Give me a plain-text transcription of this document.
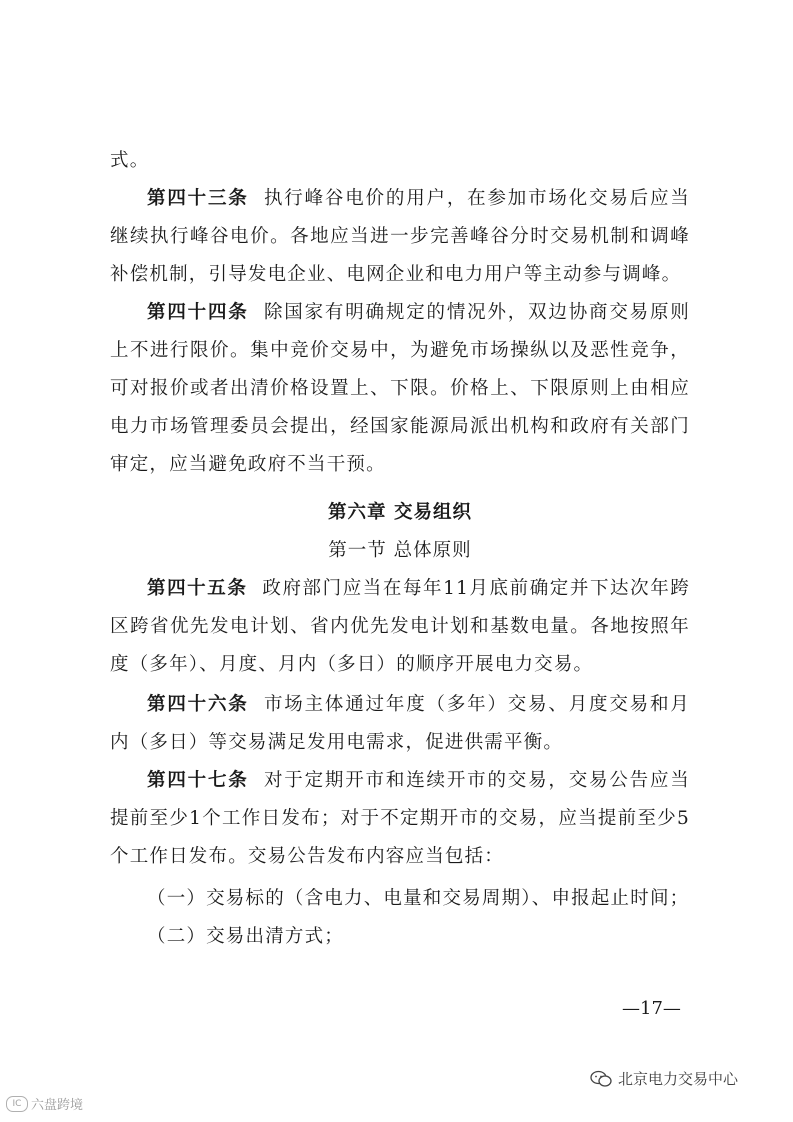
式。

第四十三条 执行峰谷电价的用户，在参加市场化交易后应当继续执行峰谷电价。各地应当进一步完善峰谷分时交易机制和调峰补偿机制，引导发电企业、电网企业和电力用户等主动参与调峰。

第四十四条 除国家有明确规定的情况外，双边协商交易原则上不进行限价。集中竞价交易中，为避免市场操纵以及恶性竞争，可对报价或者出清价格设置上、下限。价格上、下限原则上由相应电力市场管理委员会提出，经国家能源局派出机构和政府有关部门审定，应当避免政府不当干预。

第六章 交易组织
第一节 总体原则

第四十五条 政府部门应当在每年11月底前确定并下达次年跨区跨省优先发电计划、省内优先发电计划和基数电量。各地按照年度（多年）、月度、月内（多日）的顺序开展电力交易。

第四十六条 市场主体通过年度（多年）交易、月度交易和月内（多日）等交易满足发用电需求，促进供需平衡。

第四十七条 对于定期开市和连续开市的交易，交易公告应当提前至少1个工作日发布；对于不定期开市的交易，应当提前至少5个工作日发布。交易公告发布内容应当包括：

（一）交易标的（含电力、电量和交易周期）、申报起止时间；

（二）交易出清方式；

—17—
北京电力交易中心
IC 六盘跨境
